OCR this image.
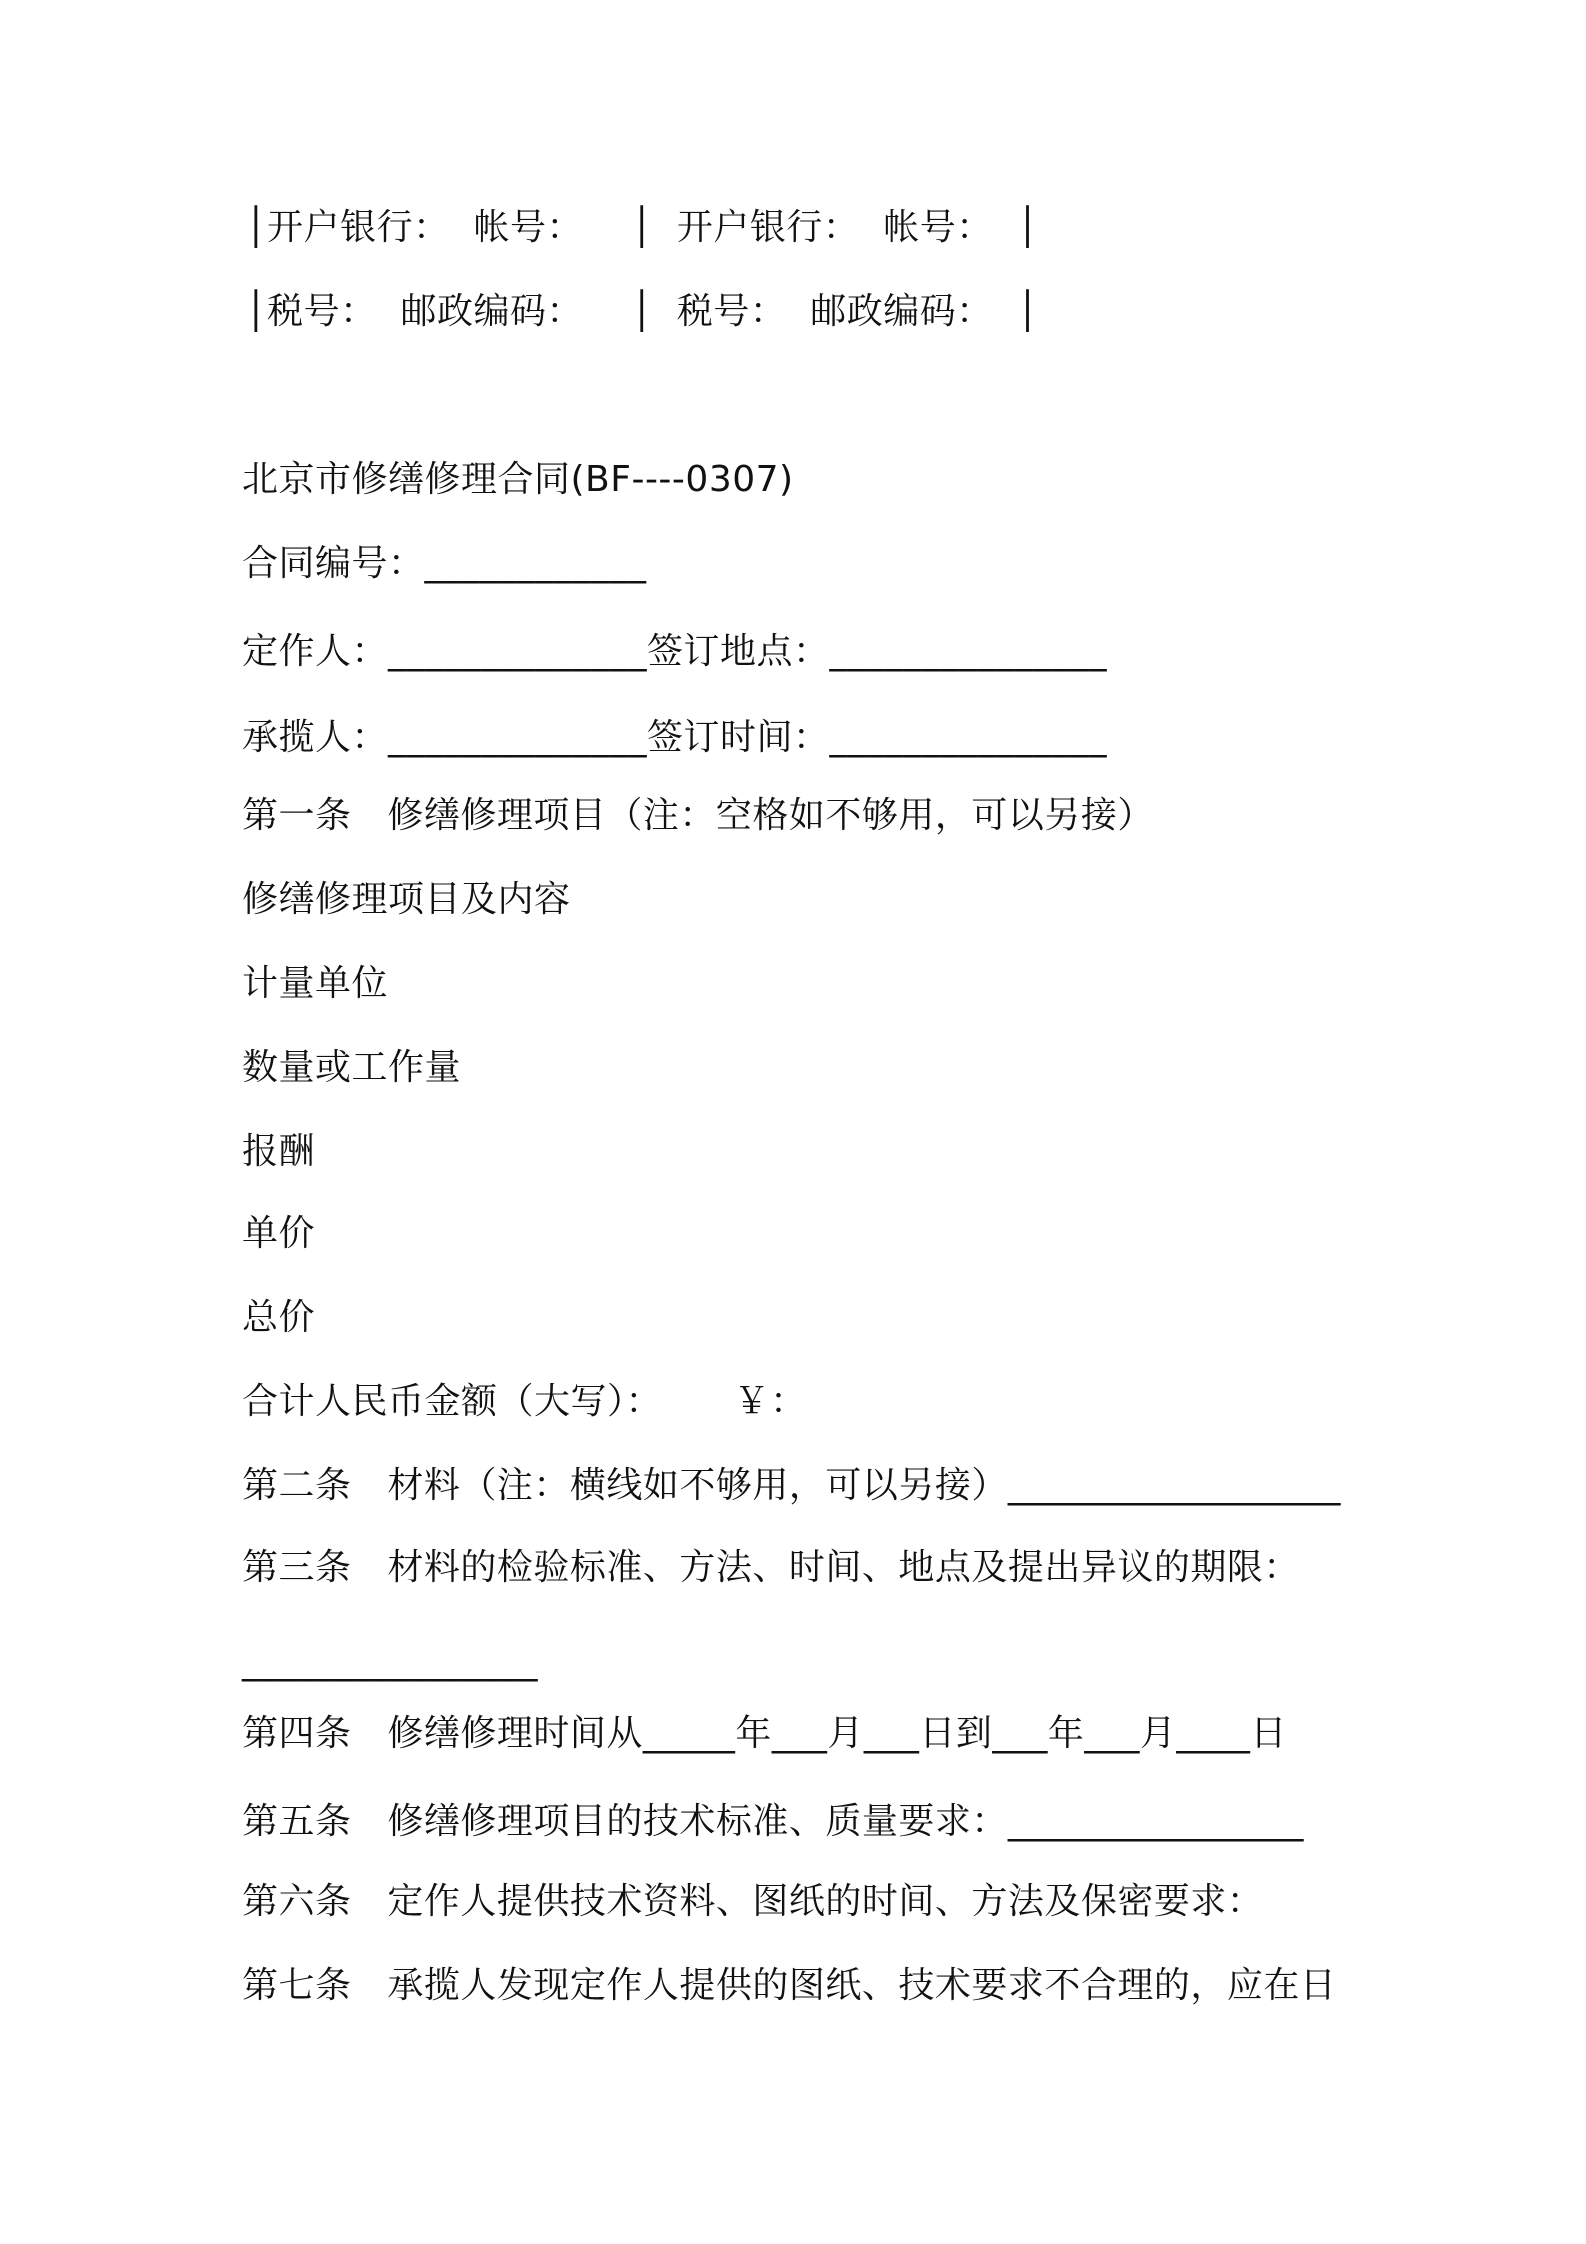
│开户银行：  帐号：    │  开户银行：  帐号：  │
│税号：  邮政编码：    │  税号：  邮政编码：  │
北京市修缮修理合同(BF----0307)
合同编号：____________
定作人：______________签订地点：_______________
承揽人：______________签订时间：_______________
第一条   修缮修理项目（注：空格如不够用，可以另接）
修缮修理项目及内容
计量单位
数量或工作量
报酬
单价
总价
合计人民币金额（大写）：      ￥：
第二条   材料（注：横线如不够用，可以另接）__________________
第三条   材料的检验标准、方法、时间、地点及提出异议的期限：
________________
第四条   修缮修理时间从_____年___月___日到___年___月____日
第五条   修缮修理项目的技术标准、质量要求：________________
第六条   定作人提供技术资料、图纸的时间、方法及保密要求：
第七条   承揽人发现定作人提供的图纸、技术要求不合理的，应在日
